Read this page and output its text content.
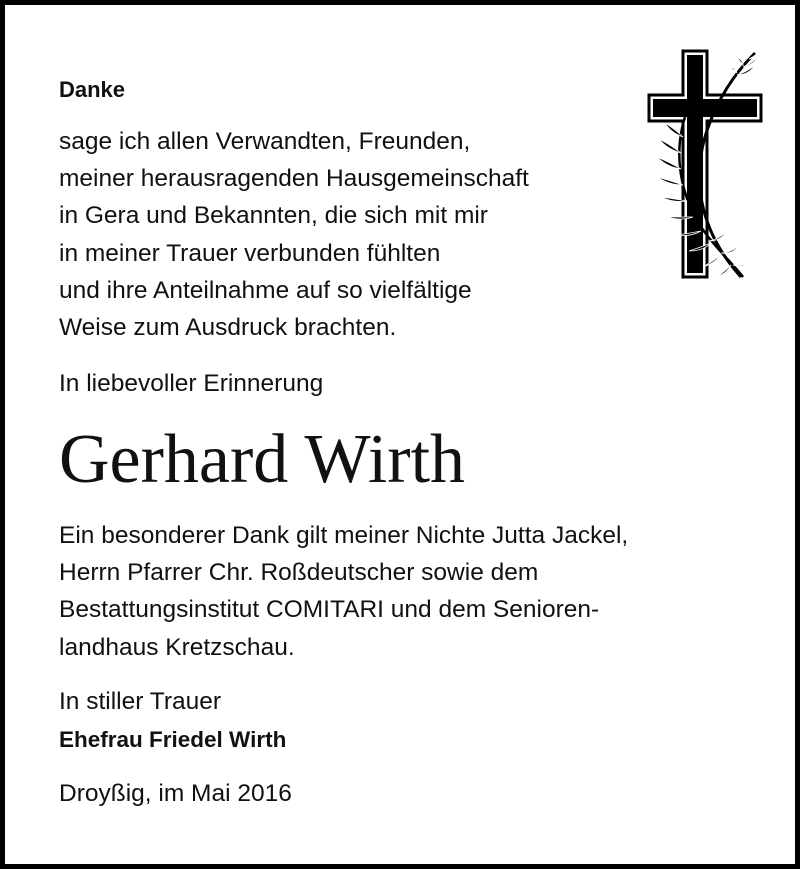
Danke

sage ich allen Verwandten, Freunden,
meiner herausragenden Hausgemeinschaft
in Gera und Bekannten, die sich mit mir
in meiner Trauer verbunden fühlten
und ihre Anteilnahme auf so vielfältige
Weise zum Ausdruck brachten.

In liebevoller Erinnerung

Gerhard Wirth

Ein besonderer Dank gilt meiner Nichte Jutta Jackel,
Herrn Pfarrer Chr. Roßdeutscher sowie dem
Bestattungsinstitut COMITARI und dem Senioren-
landhaus Kretzschau.

In stiller Trauer

Ehefrau Friedel Wirth

Droyßig, im Mai 2016
